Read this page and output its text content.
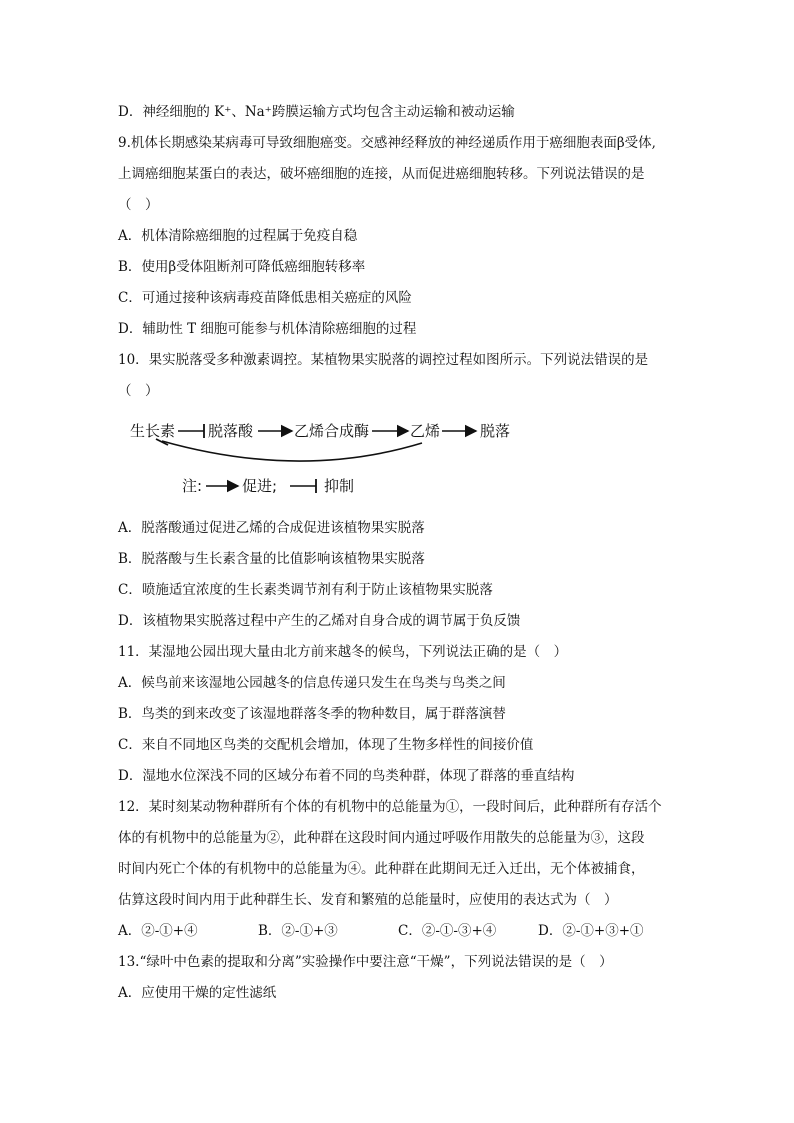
D．神经细胞的 K⁺、Na⁺跨膜运输方式均包含主动运输和被动运输
9.机体长期感染某病毒可导致细胞癌变。交感神经释放的神经递质作用于癌细胞表面β受体,
上调癌细胞某蛋白的表达，破坏癌细胞的连接，从而促进癌细胞转移。下列说法错误的是
（　）
A．机体清除癌细胞的过程属于免疫自稳
B．使用β受体阻断剂可降低癌细胞转移率
C．可通过接种该病毒疫苗降低患相关癌症的风险
D．辅助性 T 细胞可能参与机体清除癌细胞的过程
10．果实脱落受多种激素调控。某植物果实脱落的调控过程如图所示。下列说法错误的是
（　）
生长素 脱落酸	乙烯合成酶	乙烯	脱落
注:	促进;	抑制
A．脱落酸通过促进乙烯的合成促进该植物果实脱落
B．脱落酸与生长素含量的比值影响该植物果实脱落
C．喷施适宜浓度的生长素类调节剂有利于防止该植物果实脱落
D．该植物果实脱落过程中产生的乙烯对自身合成的调节属于负反馈
11．某湿地公园出现大量由北方前来越冬的候鸟，下列说法正确的是（　）
A．候鸟前来该湿地公园越冬的信息传递只发生在鸟类与鸟类之间
B．鸟类的到来改变了该湿地群落冬季的物种数目，属于群落演替
C．来自不同地区鸟类的交配机会增加，体现了生物多样性的间接价值
D．湿地水位深浅不同的区域分布着不同的鸟类种群，体现了群落的垂直结构
12．某时刻某动物种群所有个体的有机物中的总能量为①，一段时间后，此种群所有存活个
体的有机物中的总能量为②，此种群在这段时间内通过呼吸作用散失的总能量为③，这段
时间内死亡个体的有机物中的总能量为④。此种群在此期间无迁入迁出，无个体被捕食，
估算这段时间内用于此种群生长、发育和繁殖的总能量时，应使用的表达式为（　）
A．②-①+④	B．②-①+③	C．②-①-③+④	D．②-①+③+①
13.“绿叶中色素的提取和分离”实验操作中要注意“干燥”，下列说法错误的是（　）
A．应使用干燥的定性滤纸
